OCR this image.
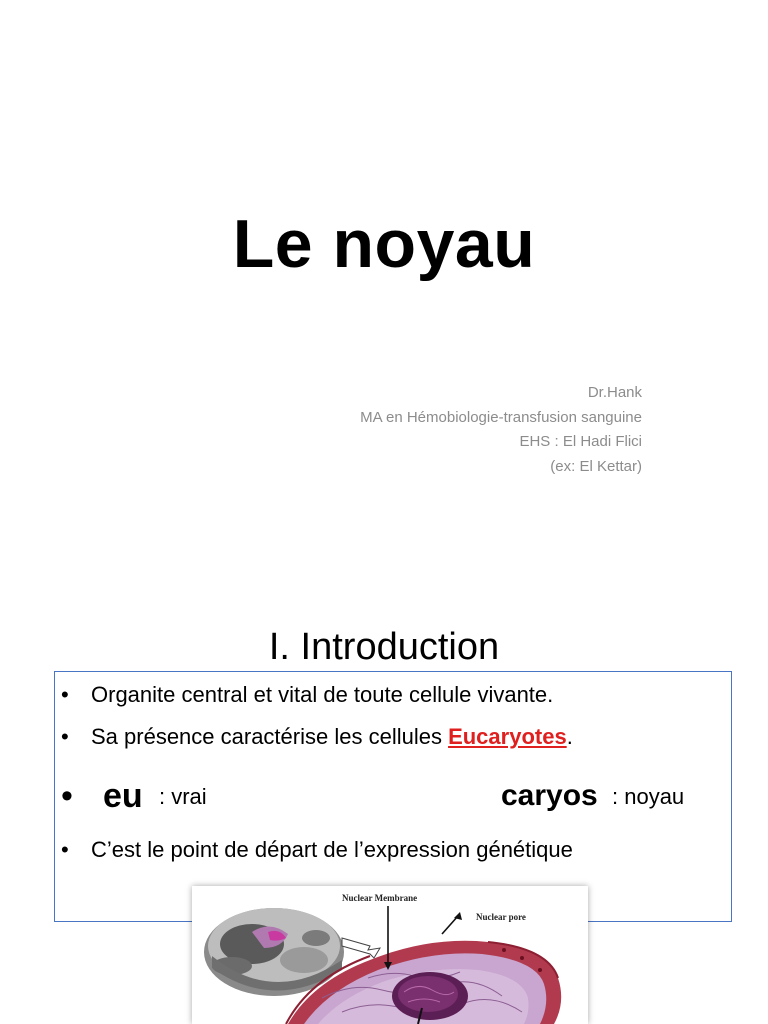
Le noyau
Dr.Hank
MA en Hémobiologie-transfusion sanguine
EHS : El Hadi Flici
(ex: El Kettar)
I. Introduction
• Organite central et vital de toute cellule vivante.
• Sa présence caractérise les cellules Eucaryotes.
• eu : vrai	caryos : noyau
• C’est le point de départ de l’expression génétique
Nuclear Membrane
Nuclear pore
